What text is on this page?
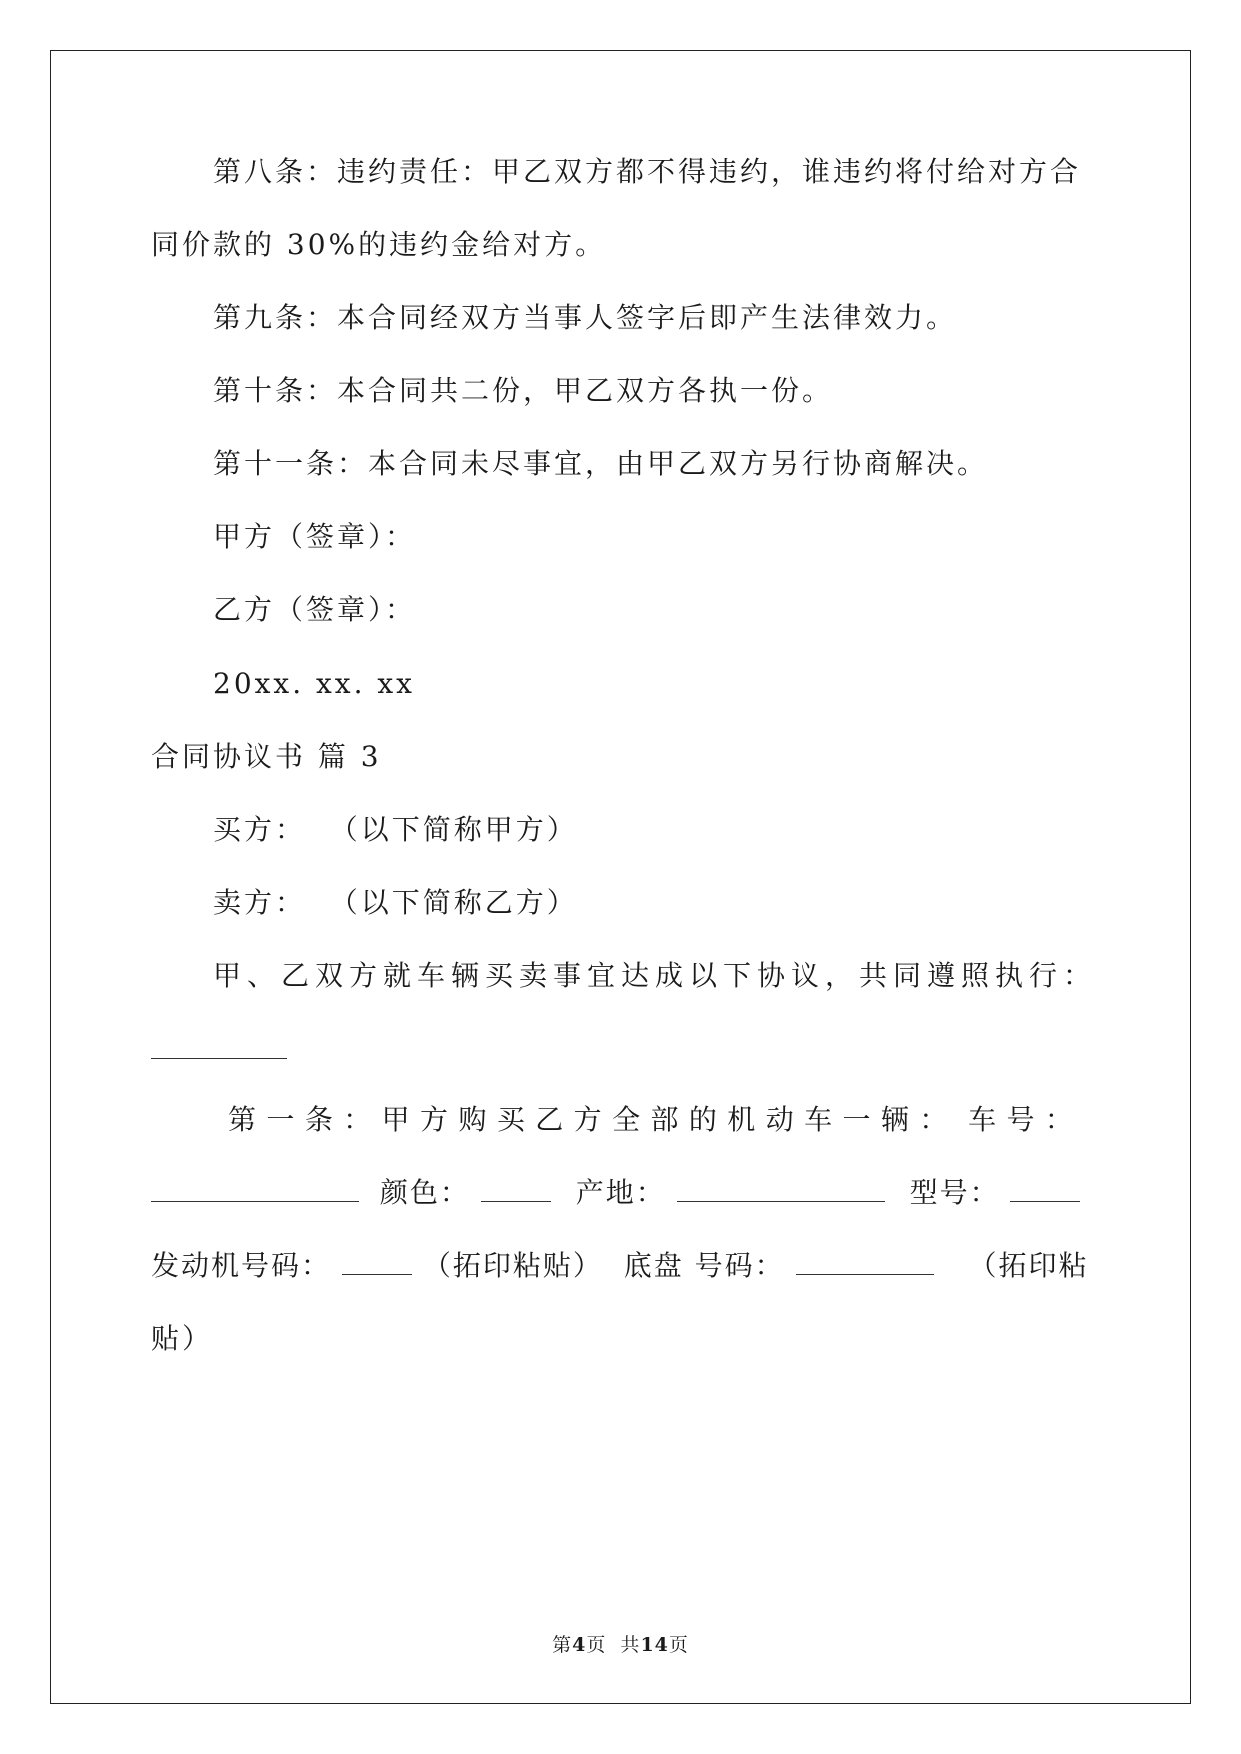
第八条：违约责任：甲乙双方都不得违约，谁违约将付给对方合
同价款的 30%的违约金给对方。
第九条：本合同经双方当事人签字后即产生法律效力。
第十条：本合同共二份，甲乙双方各执一份。
第十一条：本合同未尽事宜，由甲乙双方另行协商解决。
甲方（签章）：
乙方（签章）：
20xx. xx. xx
合同协议书 篇 3
买方：  （以下简称甲方）
卖方：  （以下简称乙方）
甲、乙双方就车辆买卖事宜达成以下协议，共同遵照执行：
第 一 条 ： 甲 方 购 买 乙 方 全 部 的 机 动 车 一 辆 ： 车 号 ：
颜色：	产地：	型号：
发动机号码：	（拓印粘贴） 底盘 号码：	（拓印粘
贴）
第4页  共14页
